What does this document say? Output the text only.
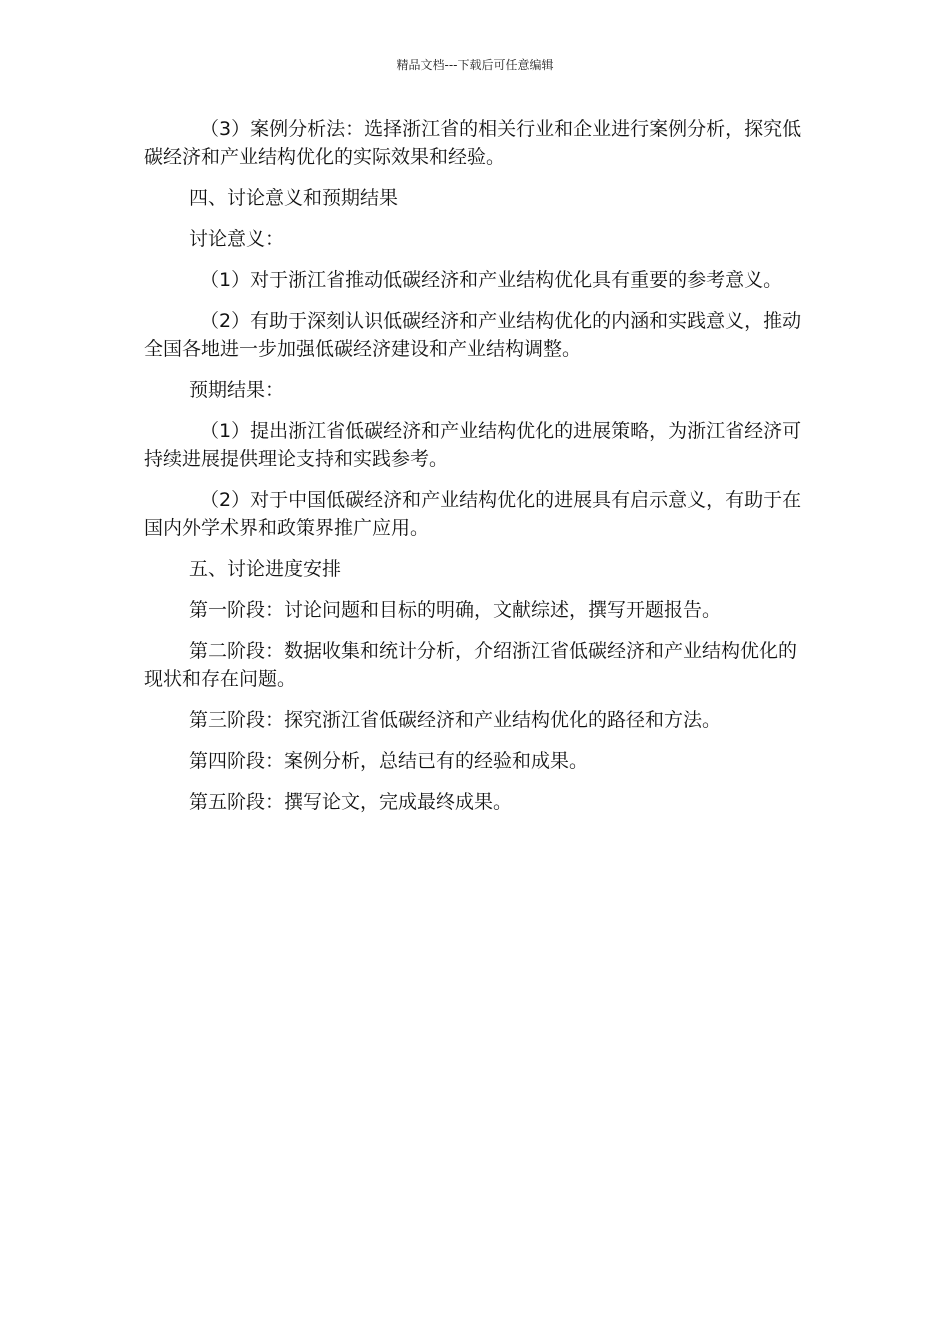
精品文档---下载后可任意编辑

（3）案例分析法：选择浙江省的相关行业和企业进行案例分析，探究低碳经济和产业结构优化的实际效果和经验。

四、讨论意义和预期结果

讨论意义：

（1）对于浙江省推动低碳经济和产业结构优化具有重要的参考意义。

（2）有助于深刻认识低碳经济和产业结构优化的内涵和实践意义，推动全国各地进一步加强低碳经济建设和产业结构调整。

预期结果：

（1）提出浙江省低碳经济和产业结构优化的进展策略，为浙江省经济可持续进展提供理论支持和实践参考。

（2）对于中国低碳经济和产业结构优化的进展具有启示意义，有助于在国内外学术界和政策界推广应用。

五、讨论进度安排

第一阶段：讨论问题和目标的明确，文献综述，撰写开题报告。

第二阶段：数据收集和统计分析，介绍浙江省低碳经济和产业结构优化的现状和存在问题。

第三阶段：探究浙江省低碳经济和产业结构优化的路径和方法。

第四阶段：案例分析，总结已有的经验和成果。

第五阶段：撰写论文，完成最终成果。
